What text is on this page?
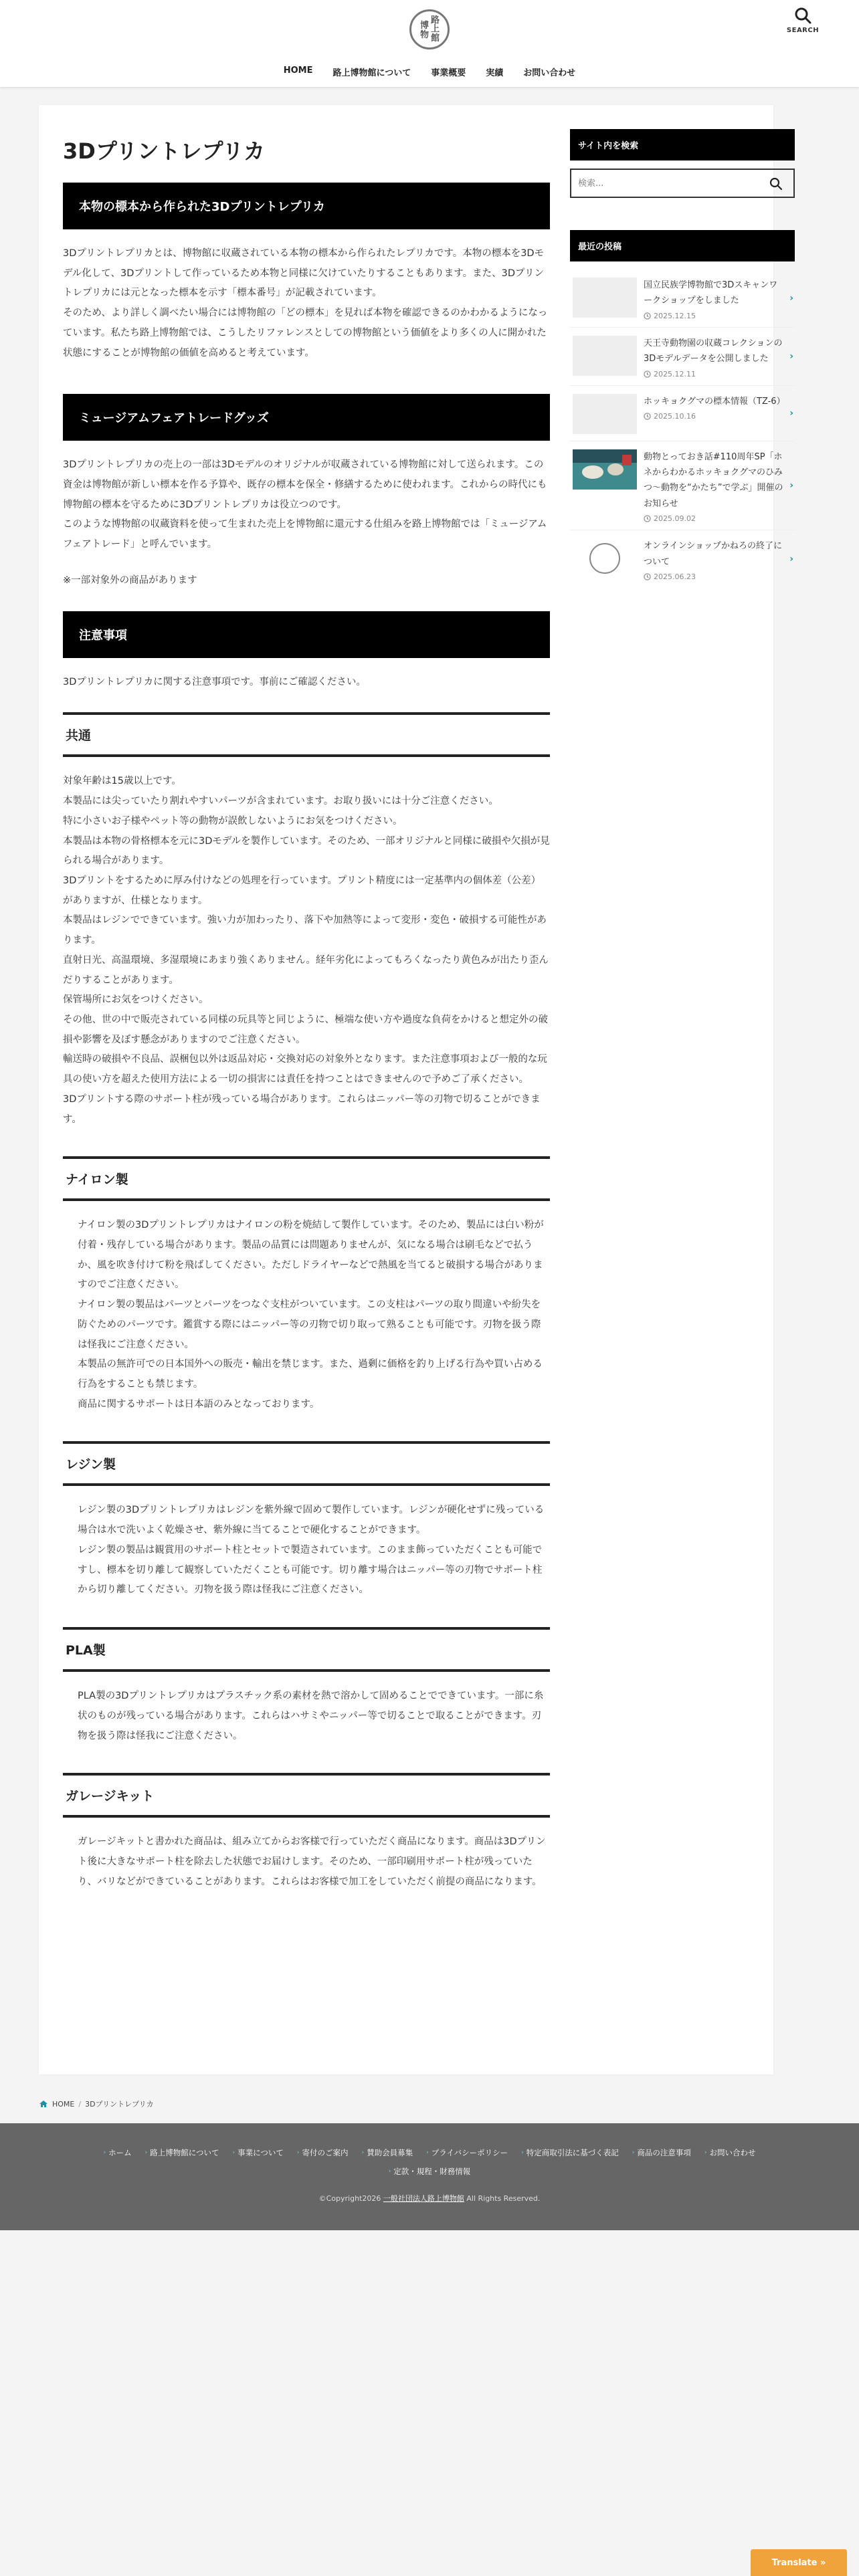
路
上
博
物 館
SEARCH
HOME 路上博物館について 事業概要 実績 お問い合わせ
3Dプリントレプリカ
本物の標本から作られた3Dプリントレプリカ
3Dプリントレプリカとは、博物館に収蔵されている本物の標本から作られたレプリカです。本物の標本を3Dモデル化して、3Dプリントして作っているため本物と同様に欠けていたりすることもあります。また、3Dプリントレプリカには元となった標本を示す「標本番号」が記載されています。
そのため、より詳しく調べたい場合には博物館の「どの標本」を見れば本物を確認できるのかわかるようになっています。私たち路上博物館では、こうしたリファレンスとしての博物館という価値をより多くの人に開かれた状態にすることが博物館の価値を高めると考えています。
ミュージアムフェアトレードグッズ
3Dプリントレプリカの売上の一部は3Dモデルのオリジナルが収蔵されている博物館に対して送られます。この資金は博物館が新しい標本を作る予算や、既存の標本を保全・修繕するために使われます。これからの時代にも博物館の標本を守るために3Dプリントレプリカは役立つのです。
このような博物館の収蔵資料を使って生まれた売上を博物館に還元する仕組みを路上博物館では「ミュージアムフェアトレード」と呼んでいます。
※一部対象外の商品があります
注意事項
3Dプリントレプリカに関する注意事項です。事前にご確認ください。
共通
対象年齢は15歳以上です。
本製品には尖っていたり割れやすいパーツが含まれています。お取り扱いには十分ご注意ください。
特に小さいお子様やペット等の動物が誤飲しないようにお気をつけください。
本製品は本物の骨格標本を元に3Dモデルを製作しています。そのため、一部オリジナルと同様に破損や欠損が見られる場合があります。
3Dプリントをするために厚み付けなどの処理を行っています。プリント精度には一定基準内の個体差（公差）がありますが、仕様となります。
本製品はレジンでできています。強い力が加わったり、落下や加熱等によって変形・変色・破損する可能性があります。
直射日光、高温環境、多湿環境にあまり強くありません。経年劣化によってもろくなったり黄色みが出たり歪んだりすることがあります。
保管場所にお気をつけください。
その他、世の中で販売されている同様の玩具等と同じように、極端な使い方や過度な負荷をかけると想定外の破損や影響を及ぼす懸念がありますのでご注意ください。
輸送時の破損や不良品、誤梱包以外は返品対応・交換対応の対象外となります。また注意事項および一般的な玩具の使い方を超えた使用方法による一切の損害には責任を持つことはできませんので予めご了承ください。
3Dプリントする際のサポート柱が残っている場合があります。これらはニッパー等の刃物で切ることができます。
ナイロン製
ナイロン製の3Dプリントレプリカはナイロンの粉を焼結して製作しています。そのため、製品には白い粉が付着・残存している場合があります。製品の品質には問題ありませんが、気になる場合は刷毛などで払うか、風を吹き付けて粉を飛ばしてください。ただしドライヤーなどで熱風を当てると破損する場合がありますのでご注意ください。
ナイロン製の製品はパーツとパーツをつなぐ支柱がついています。この支柱はパーツの取り間違いや紛失を防ぐためのパーツです。鑑賞する際にはニッパー等の刃物で切り取って熟ることも可能です。刃物を扱う際は怪我にご注意ください。
本製品の無許可での日本国外への販売・輸出を禁じます。また、過剰に価格を釣り上げる行為や買い占める行為をすることも禁じます。
商品に関するサポートは日本語のみとなっております。
レジン製
レジン製の3Dプリントレプリカはレジンを紫外線で固めて製作しています。レジンが硬化せずに残っている場合は水で洗いよく乾燥させ、紫外線に当てることで硬化することができます。
レジン製の製品は観賞用のサポート柱とセットで製造されています。このまま飾っていただくことも可能ですし、標本を切り離して観察していただくことも可能です。切り離す場合はニッパー等の刃物でサポート柱から切り離してください。刃物を扱う際は怪我にご注意ください。
PLA製
PLA製の3Dプリントレプリカはプラスチック系の素材を熱で溶かして固めることでできています。一部に糸状のものが残っている場合があります。これらはハサミやニッパー等で切ることで取ることができます。刃物を扱う際は怪我にご注意ください。
ガレージキット
ガレージキットと書かれた商品は、組み立てからお客様で行っていただく商品になります。商品は3Dプリント後に大きなサポート柱を除去した状態でお届けします。そのため、一部印刷用サポート柱が残っていたり、バリなどができていることがあります。これらはお客様で加工をしていただく前提の商品になります。
サイト内を検索
検索...
最近の投稿
国立民族学博物館で3Dスキャンワークショップをしました
2025.12.15
›
天王寺動物園の収蔵コレクションの3Dモデルデータを公開しました
2025.12.11
›
ホッキョクグマの標本情報（TZ-6）
2025.10.16	›
動物とっておき話#110周年SP「ホネからわかるホッキョクグマのひみつ〜動物を“かたち”で学ぶ」開催のお知らせ
2025.09.02
›
オンラインショップかねろの終了について
2025.06.23
›
HOME / 3Dプリントレプリカ
› ホーム › 路上博物館について › 事業について › 寄付のご案内 › 賛助会員募集 › プライバシーポリシー › 特定商取引法に基づく表記 › 商品の注意事項 › お問い合わせ
› 定款・規程・財務情報
©Copyright2026 一般社団法人路上博物館 All Rights Reserved.
Translate »
